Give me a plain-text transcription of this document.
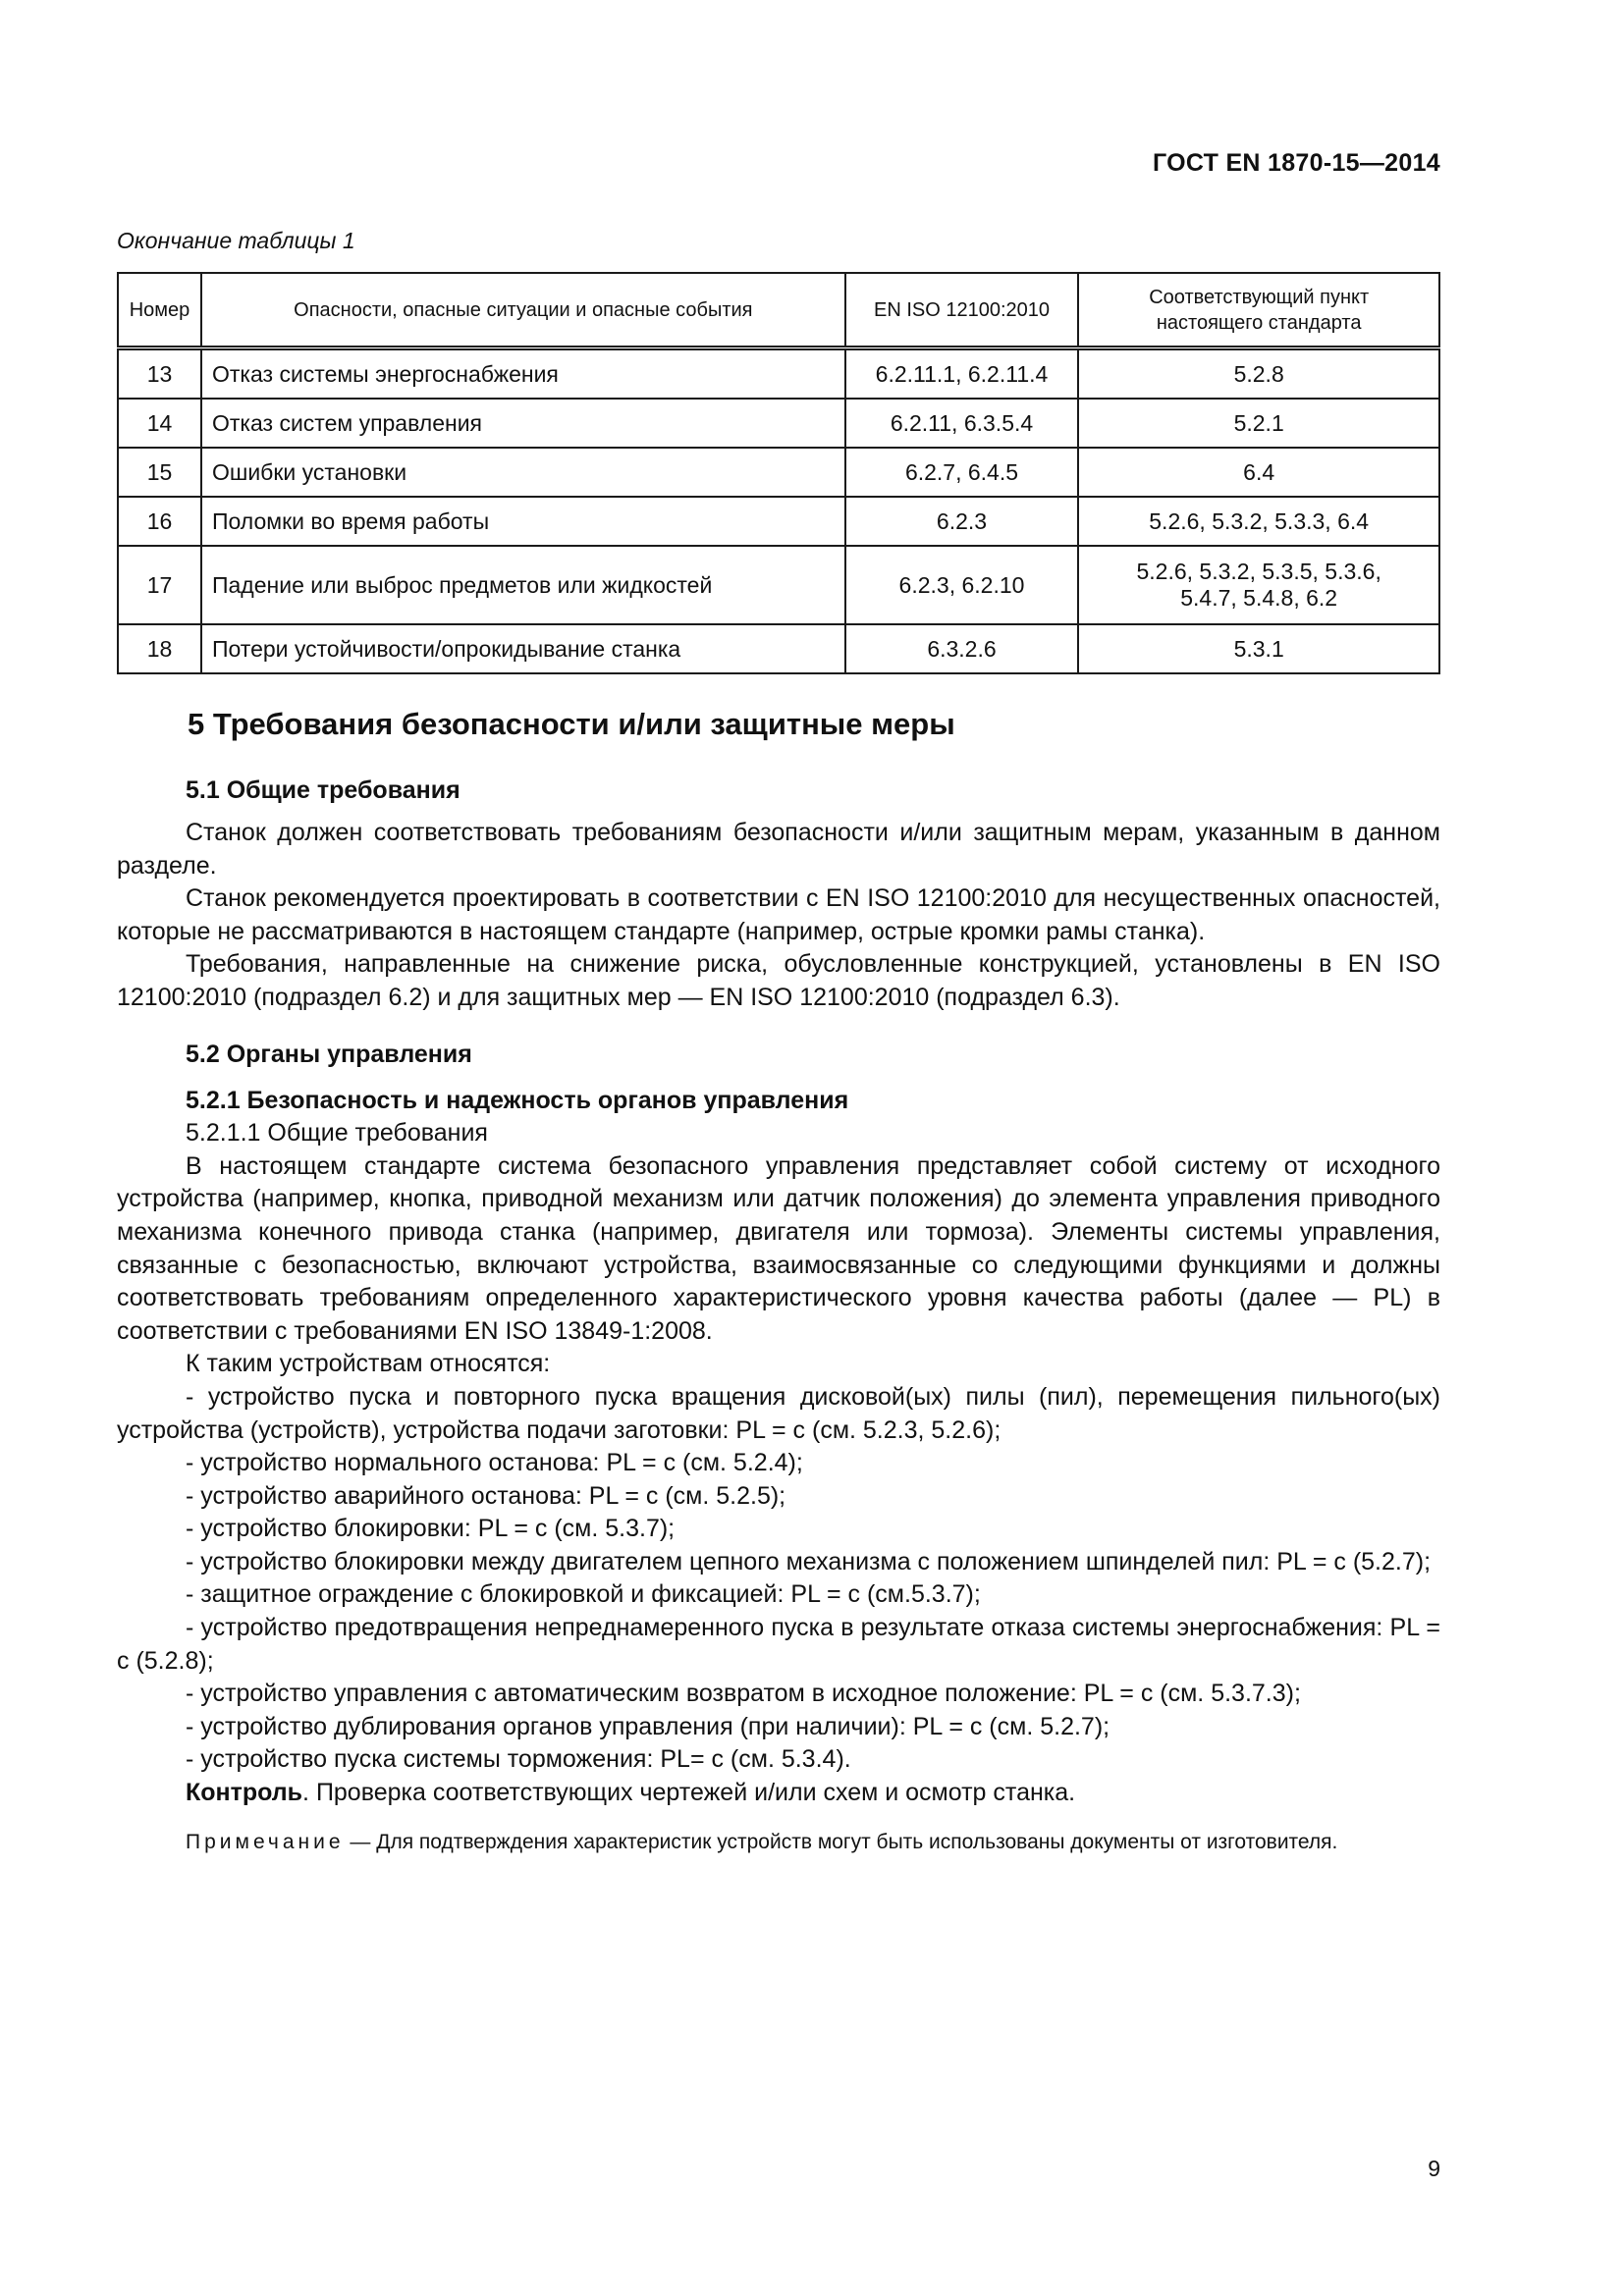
ГОСТ EN 1870-15—2014
Окончание таблицы 1
Номер	Опасности, опасные ситуации и опасные события	EN ISO 12100:2010	Соответствующий пункт настоящего стандарта
13	Отказ системы энергоснабжения	6.2.11.1, 6.2.11.4	5.2.8
14	Отказ систем управления	6.2.11, 6.3.5.4	5.2.1
15	Ошибки установки	6.2.7, 6.4.5	6.4
16	Поломки во время работы	6.2.3	5.2.6, 5.3.2, 5.3.3, 6.4
17	Падение или выброс предметов или жидкостей	6.2.3, 6.2.10	5.2.6, 5.3.2, 5.3.5, 5.3.6, 5.4.7, 5.4.8, 6.2
18	Потери устойчивости/опрокидывание станка	6.3.2.6	5.3.1
5 Требования безопасности и/или защитные меры
5.1 Общие требования

Станок должен соответствовать требованиям безопасности и/или защитным мерам, указанным в данном разделе.

Станок рекомендуется проектировать в соответствии с EN ISO 12100:2010 для несущественных опасностей, которые не рассматриваются в настоящем стандарте (например, острые кромки рамы станка).

Требования, направленные на снижение риска, обусловленные конструкцией, установлены в EN ISO 12100:2010 (подраздел 6.2) и для защитных мер — EN ISO 12100:2010 (подраздел 6.3).

5.2 Органы управления
5.2.1 Безопасность и надежность органов управления

5.2.1.1 Общие требования

В настоящем стандарте система безопасного управления представляет собой систему от исходного устройства (например, кнопка, приводной механизм или датчик положения) до элемента управления приводного механизма конечного привода станка (например, двигателя или тормоза). Элементы системы управления, связанные с безопасностью, включают устройства, взаимосвязанные со следующими функциями и должны соответствовать требованиям определенного характеристического уровня качества работы (далее — PL) в соответствии с требованиями EN ISO 13849-1:2008.

К таким устройствам относятся:

- устройство пуска и повторного пуска вращения дисковой(ых) пилы (пил), перемещения пильного(ых) устройства (устройств), устройства подачи заготовки: PL = с (см. 5.2.3, 5.2.6);

- устройство нормального останова: PL = с (см. 5.2.4);

- устройство аварийного останова: PL = с (см. 5.2.5);

- устройство блокировки: PL = с (см. 5.3.7);

- устройство блокировки между двигателем цепного механизма с положением шпинделей пил: PL = с (5.2.7);

- защитное ограждение с блокировкой и фиксацией: PL = с (см.5.3.7);

- устройство предотвращения непреднамеренного пуска в результате отказа системы энергоснабжения: PL = с (5.2.8);

- устройство управления с автоматическим возвратом в исходное положение: PL = с (см. 5.3.7.3);

- устройство дублирования органов управления (при наличии): PL = с (см. 5.2.7);

- устройство пуска системы торможения: PL= с (см. 5.3.4).

Контроль. Проверка соответствующих чертежей и/или схем и осмотр станка.

Примечание — Для подтверждения характеристик устройств могут быть использованы документы от изготовителя.

9
